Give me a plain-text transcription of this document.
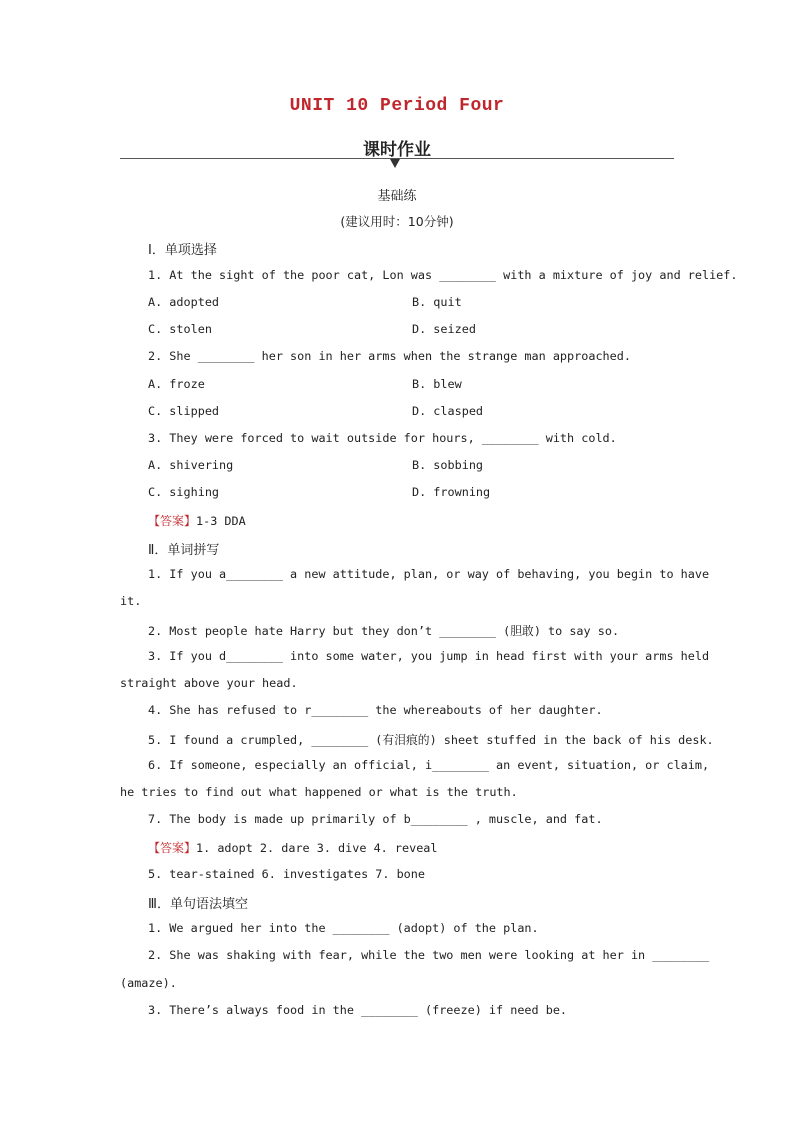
UNIT 10 Period Four
课时作业
基础练
(建议用时：10分钟)
Ⅰ．单项选择
1. At the sight of the poor cat, Lon was ________ with a mixture of joy and relief.
A. adopted	B. quit
C. stolen	D. seized
2. She ________ her son in her arms when the strange man approached.
A. froze	B. blew
C. slipped	D. clasped
3. They were forced to wait outside for hours, ________ with cold.
A. shivering	B. sobbing
C. sighing	D. frowning
【答案】1-3 DDA
Ⅱ．单词拼写
1. If you a________ a new attitude, plan, or way of behaving, you begin to have
it.
2. Most people hate Harry but they don’t ________ (胆敢) to say so.
3. If you d________ into some water, you jump in head first with your arms held
straight above your head.
4. She has refused to r________ the whereabouts of her daughter.
5. I found a crumpled, ________ (有泪痕的) sheet stuffed in the back of his desk.
6. If someone, especially an official, i________ an event, situation, or claim,
he tries to find out what happened or what is the truth.
7. The body is made up primarily of b________ , muscle, and fat.
【答案】1. adopt 2. dare 3. dive 4. reveal
5. tear-stained 6. investigates 7. bone
Ⅲ．单句语法填空
1. We argued her into the ________ (adopt) of the plan.
2. She was shaking with fear, while the two men were looking at her in ________
(amaze).
3. There’s always food in the ________ (freeze) if need be.
